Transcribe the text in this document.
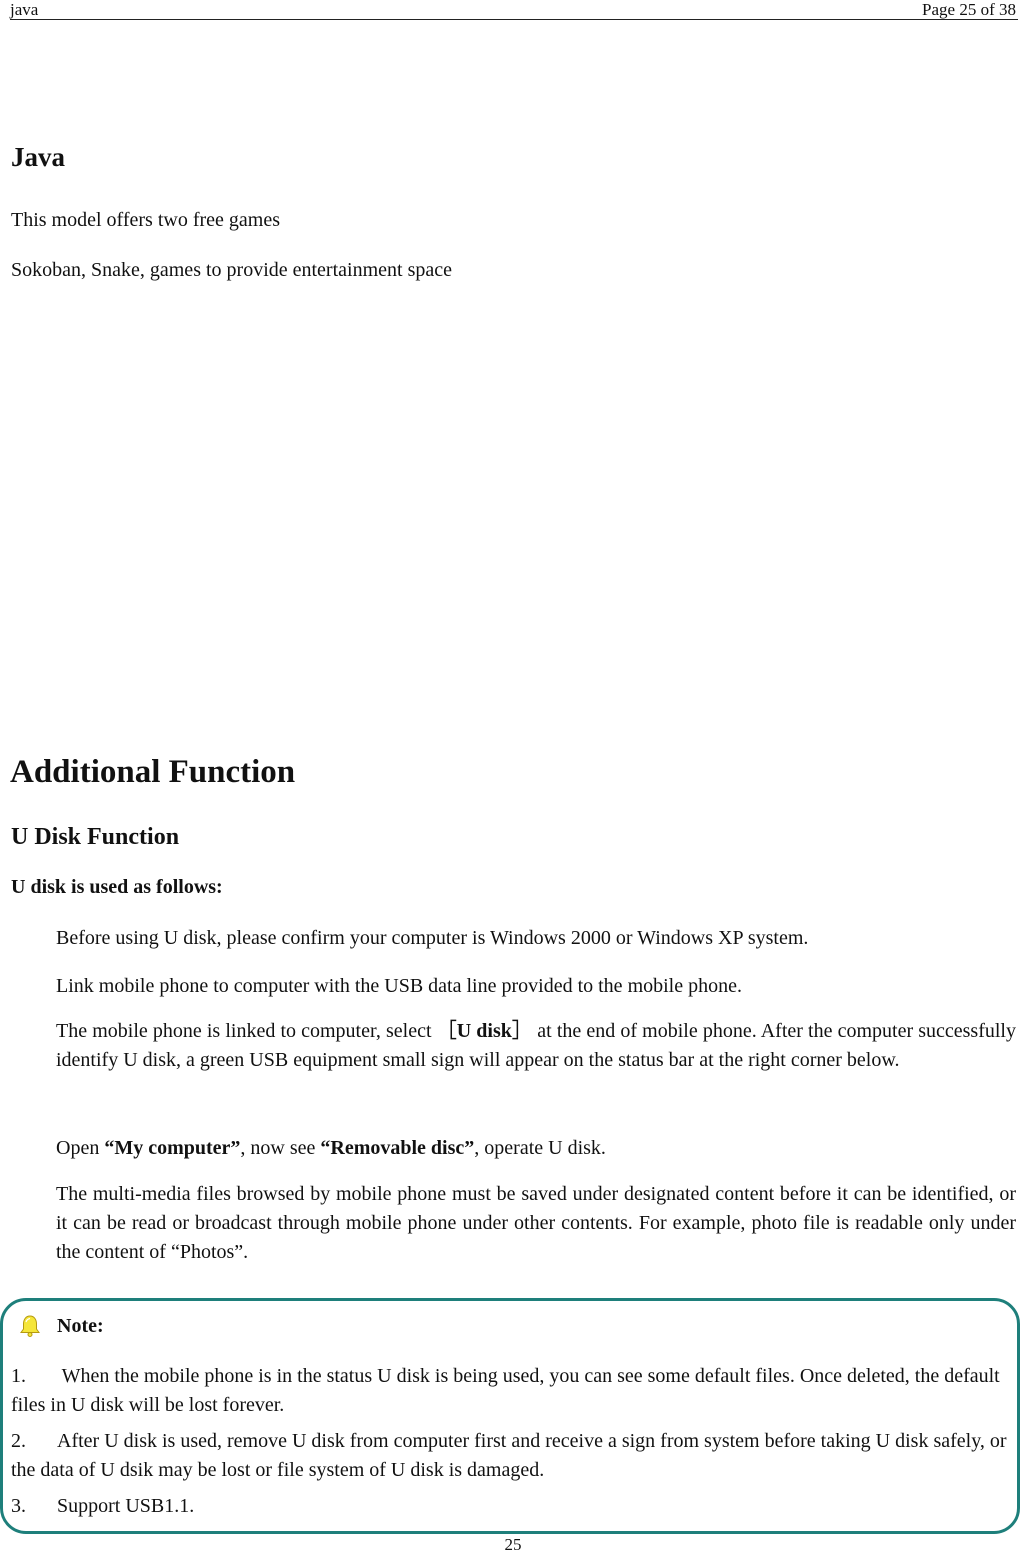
java	Page 25 of 38
Java

This model offers two free games

Sokoban, Snake, games to provide entertainment space

Additional Function
U Disk Function

U disk is used as follows:

Before using U disk, please confirm your computer is Windows 2000 or Windows XP system.

Link mobile phone to computer with the USB data line provided to the mobile phone.

The mobile phone is linked to computer, select ［U disk］ at the end of mobile phone. After the computer successfully identify U disk, a green USB equipment small sign will appear on the status bar at the right corner below.

Open “My computer”, now see “Removable disc”, operate U disk.

The multi-media files browsed by mobile phone must be saved under designated content before it can be identified, or it can be read or broadcast through mobile phone under other contents. For example, photo file is readable only under the content of “Photos”.

Note:

1. When the mobile phone is in the status U disk is being used, you can see some default files. Once deleted, the default files in U disk will be lost forever.

2. After U disk is used, remove U disk from computer first and receive a sign from system before taking U disk safely, or the data of U dsik may be lost or file system of U disk is damaged.

3. Support USB1.1.

25
